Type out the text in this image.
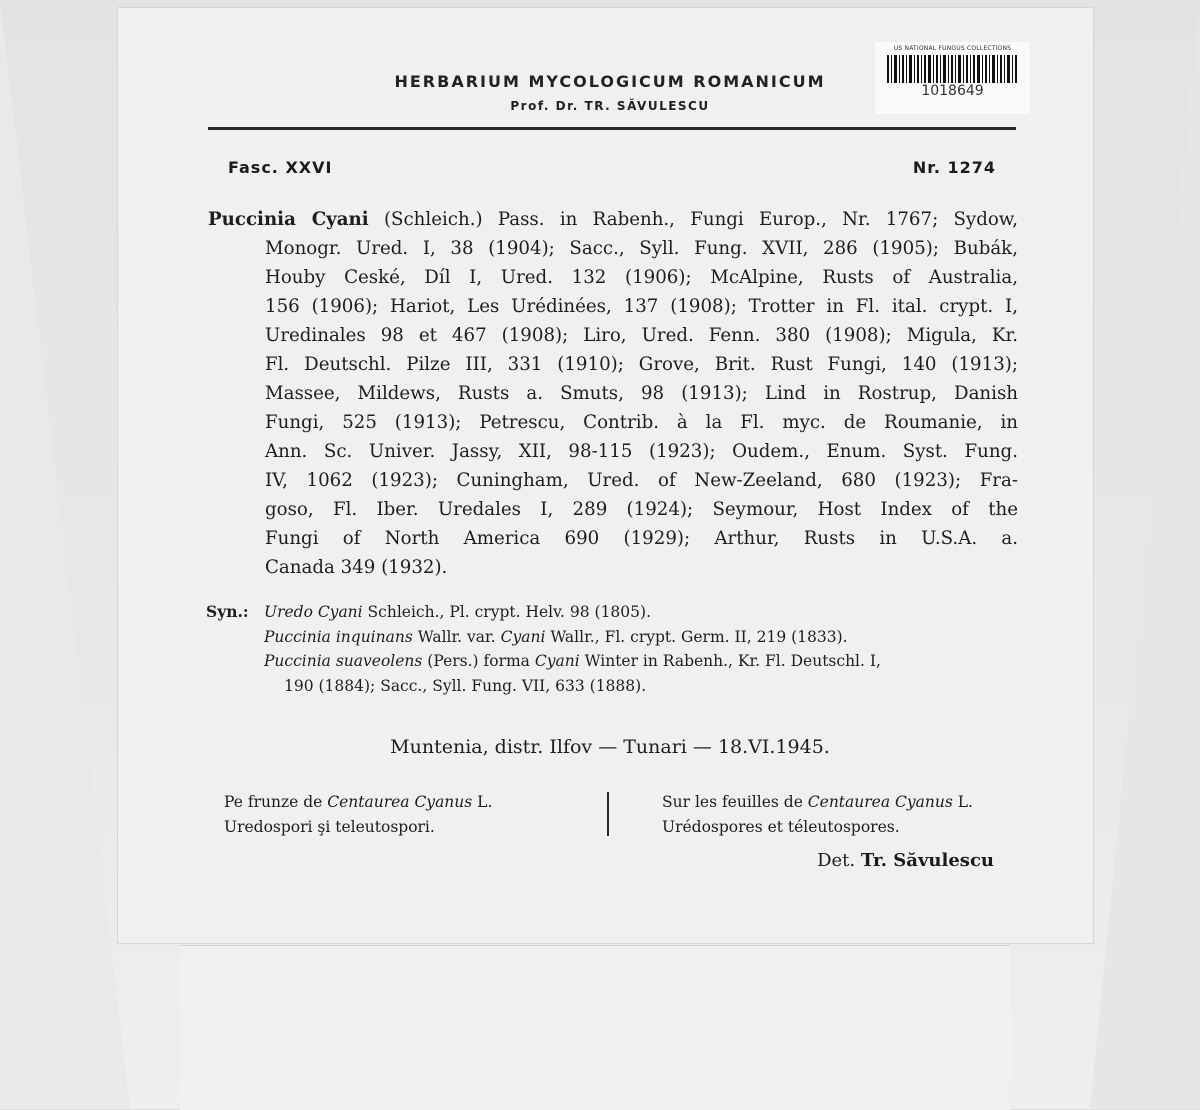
US NATIONAL FUNGUS COLLECTIONS
1018649
HERBARIUM MYCOLOGICUM ROMANICUM
Prof. Dr. TR. SĂVULESCU
Fasc. XXVI	Nr. 1274
Puccinia Cyani (Schleich.) Pass. in Rabenh., Fungi Europ., Nr. 1767; Sydow,
Monogr. Ured. I, 38 (1904); Sacc., Syll. Fung. XVII, 286 (1905); Bubák,
Houby Ceské, Díl I, Ured. 132 (1906); McAlpine, Rusts of Australia,
156 (1906); Hariot, Les Urédinées, 137 (1908); Trotter in Fl. ital. crypt. I,
Uredinales 98 et 467 (1908); Liro, Ured. Fenn. 380 (1908); Migula, Kr.
Fl. Deutschl. Pilze III, 331 (1910); Grove, Brit. Rust Fungi, 140 (1913);
Massee, Mildews, Rusts a. Smuts, 98 (1913); Lind in Rostrup, Danish
Fungi, 525 (1913); Petrescu, Contrib. à la Fl. myc. de Roumanie, in
Ann. Sc. Univer. Jassy, XII, 98-115 (1923); Oudem., Enum. Syst. Fung.
IV, 1062 (1923); Cuningham, Ured. of New-Zeeland, 680 (1923); Fra-
goso, Fl. Iber. Uredales I, 289 (1924); Seymour, Host Index of the
Fungi of North America 690 (1929); Arthur, Rusts in U.S.A. a.
Canada 349 (1932).
Syn.: Uredo Cyani Schleich., Pl. crypt. Helv. 98 (1805).
Puccinia inquinans Wallr. var. Cyani Wallr., Fl. crypt. Germ. II, 219 (1833).
Puccinia suaveolens (Pers.) forma Cyani Winter in Rabenh., Kr. Fl. Deutschl. I,
190 (1884); Sacc., Syll. Fung. VII, 633 (1888).
Muntenia, distr. Ilfov — Tunari — 18.VI.1945.
Pe frunze de Centaurea Cyanus L.
Uredospori şi teleutospori.
Sur les feuilles de Centaurea Cyanus L.
Urédospores et téleutospores.
Det. Tr. Săvulescu
